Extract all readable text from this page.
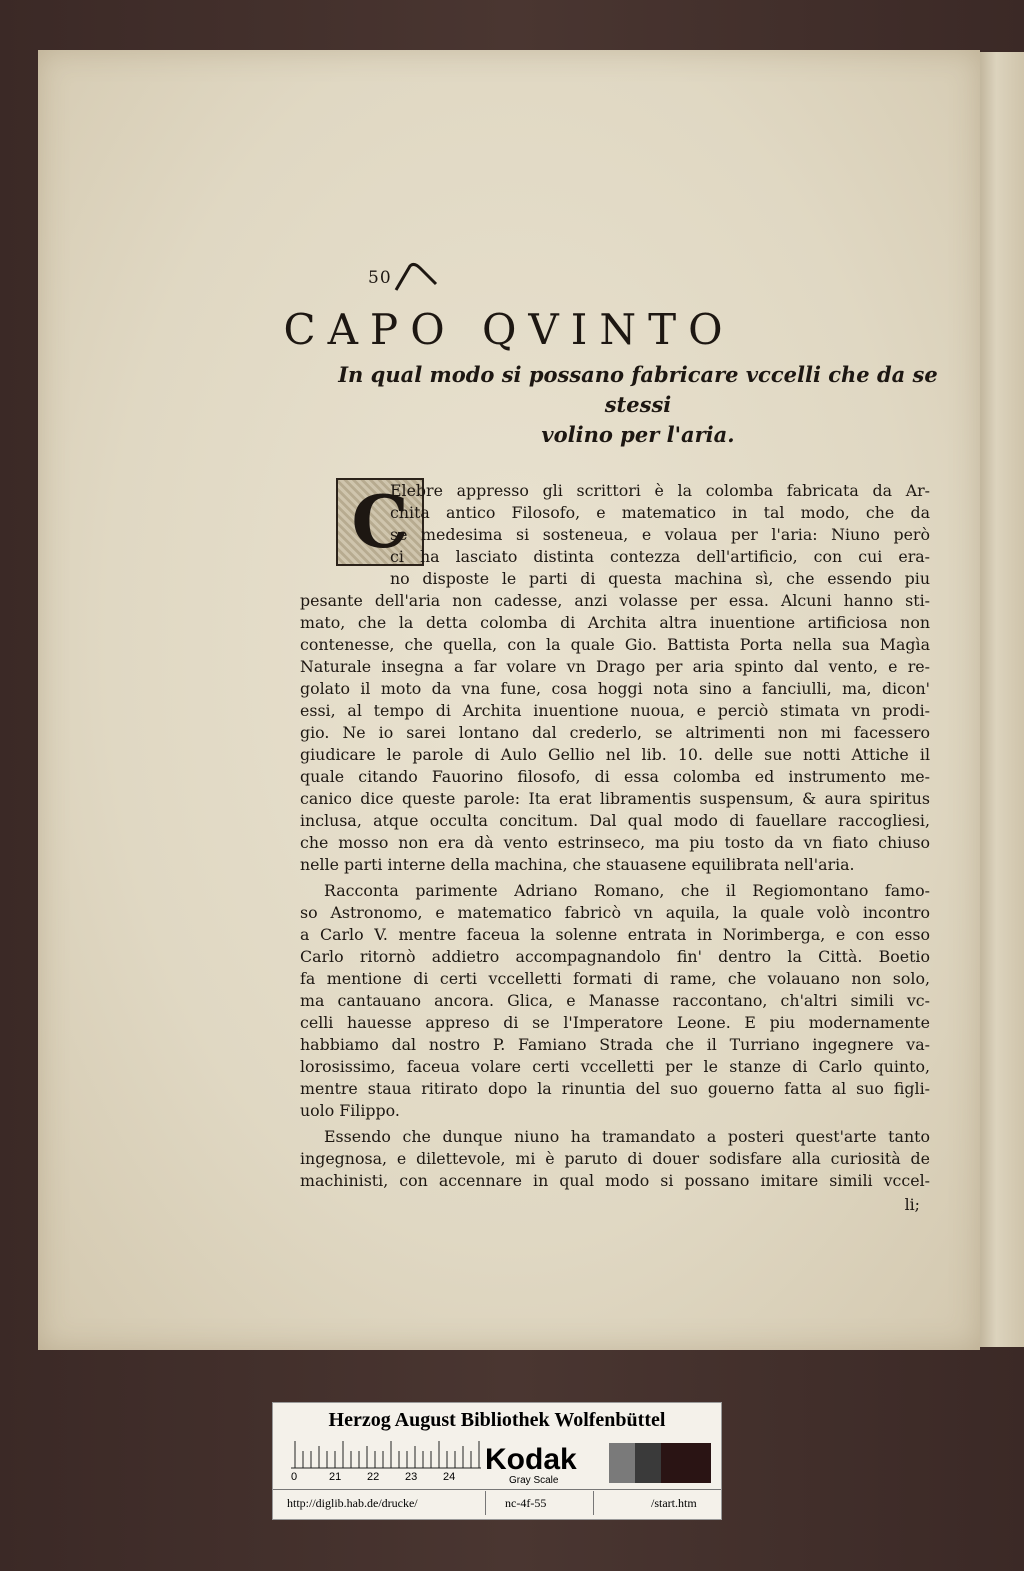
50
CAPO QVINTO
In qual modo si possano fabricare vccelli che da se stessi
volino per l'aria.
C
Elebre appresso gli scrittori è la colomba fabricata da Ar-
chita antico Filosofo, e matematico in tal modo, che da
se medesima si sosteneua, e volaua per l'aria: Niuno però
ci ha lasciato distinta contezza dell'artificio, con cui era-
no disposte le parti di questa machina sì, che essendo piu
pesante dell'aria non cadesse, anzi volasse per essa. Alcuni hanno sti-
mato, che la detta colomba di Archita altra inuentione artificiosa non
contenesse, che quella, con la quale Gio. Battista Porta nella sua Magìa
Naturale insegna a far volare vn Drago per aria spinto dal vento, e re-
golato il moto da vna fune, cosa hoggi nota sino a fanciulli, ma, dicon'
essi, al tempo di Archita inuentione nuoua, e perciò stimata vn prodi-
gio. Ne io sarei lontano dal crederlo, se altrimenti non mi facessero
giudicare le parole di Aulo Gellio nel lib. 10. delle sue notti Attiche il
quale citando Fauorino filosofo, di essa colomba ed instrumento me-
canico dice queste parole: Ita erat libramentis suspensum, & aura spiritus
inclusa, atque occulta concitum. Dal qual modo di fauellare raccogliesi,
che mosso non era dà vento estrinseco, ma piu tosto da vn fiato chiuso
nelle parti interne della machina, che stauasene equilibrata nell'aria.
Racconta parimente Adriano Romano, che il Regiomontano famo-
so Astronomo, e matematico fabricò vn aquila, la quale volò incontro
a Carlo V. mentre faceua la solenne entrata in Norimberga, e con esso
Carlo ritornò addietro accompagnandolo fin' dentro la Città. Boetio
fa mentione di certi vccelletti formati di rame, che volauano non solo,
ma cantauano ancora. Glica, e Manasse raccontano, ch'altri simili vc-
celli hauesse appreso di se l'Imperatore Leone. E piu modernamente
habbiamo dal nostro P. Famiano Strada che il Turriano ingegnere va-
lorosissimo, faceua volare certi vccelletti per le stanze di Carlo quinto,
mentre staua ritirato dopo la rinuntia del suo gouerno fatta al suo figli-
uolo Filippo.
Essendo che dunque niuno ha tramandato a posteri quest'arte tanto
ingegnosa, e dilettevole, mi è paruto di douer sodisfare alla curiosità de
machinisti, con accennare in qual modo si possano imitare simili vccel-
li;
Herzog August Bibliothek Wolfenbüttel
0	21 22 23 24
Kodak
Gray Scale
http://diglib.hab.de/drucke/	nc-4f-55	/start.htm
